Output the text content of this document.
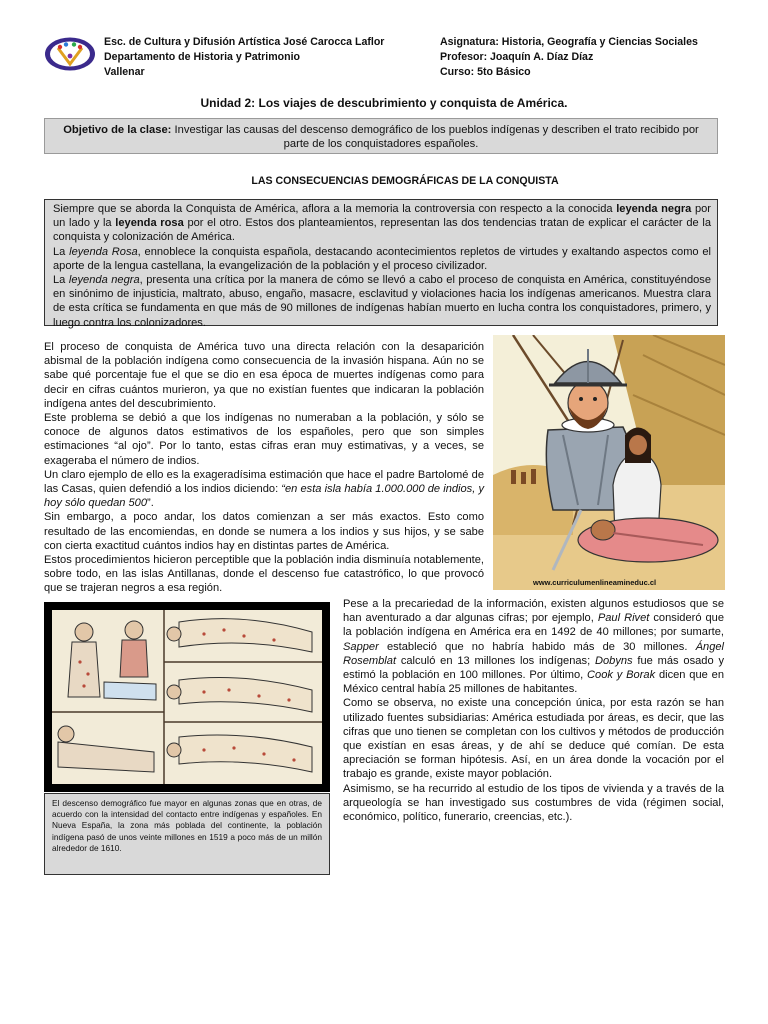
Esc. de Cultura y Difusión Artística José Carocca Laflor
Departamento de Historia y Patrimonio
Vallenar
Asignatura: Historia, Geografía y Ciencias Sociales
Profesor: Joaquín A. Díaz Díaz
Curso: 5to Básico
Unidad 2: Los viajes de descubrimiento y conquista de América.
Objetivo de la clase: Investigar las causas del descenso demográfico de los pueblos indígenas y describen el trato recibido por parte de los conquistadores españoles.
LAS CONSECUENCIAS DEMOGRÁFICAS DE LA CONQUISTA

Siempre que se aborda la Conquista de América, aflora a la memoria la controversia con respecto a la conocida leyenda negra por un lado y la leyenda rosa por el otro. Estos dos planteamientos, representan las dos tendencias tratan de explicar el carácter de la conquista y colonización de América.

La leyenda Rosa, ennoblece la conquista española, destacando acontecimientos repletos de virtudes y exaltando aspectos como el aporte de la lengua castellana, la evangelización de la población y el proceso civilizador.

La leyenda negra, presenta una crítica por la manera de cómo se llevó a cabo el proceso de conquista en América, constituyéndose en sinónimo de injusticia, maltrato, abuso, engaño, masacre, esclavitud y violaciones hacia los indígenas americanos. Muestra clara de esta crítica se fundamenta en que más de 90 millones de indígenas habían muerto en lucha contra los conquistadores, primero, y luego contra los colonizadores.

El proceso de conquista de América tuvo una directa relación con la desaparición abismal de la población indígena como consecuencia de la invasión hispana. Aún no se sabe qué porcentaje fue el que se dio en esa época de muertes indígenas como para decir en cifras cuántos murieron, ya que no existían fuentes que indicaran la población indígena antes del descubrimiento.

Este problema se debió a que los indígenas no numeraban a la población, y sólo se conoce de algunos datos estimativos de los españoles, pero que son simples estimaciones “al ojo”. Por lo tanto, estas cifras eran muy estimativas, y a veces, se exageraba el número de indios.

Un claro ejemplo de ello es la exageradísima estimación que hace el padre Bartolomé de las Casas, quien defendió a los indios diciendo: “en esta isla había 1.000.000 de indios, y hoy sólo quedan 500”.

Sin embargo, a poco andar, los datos comienzan a ser más exactos. Esto como resultado de las encomiendas, en donde se numera a los indios y sus hijos, y se sabe con cierta exactitud cuántos indios hay en distintas partes de América.

Estos procedimientos hicieron perceptible que la población india disminuía notablemente, sobre todo, en las islas Antillanas, donde el descenso fue catastrófico, lo que provocó que se trajeran negros a esa región.	www.curriculumenlineamineduc.cl

El descenso demográfico fue mayor en algunas zonas que en otras, de acuerdo con la intensidad del contacto entre indígenas y españoles. En Nueva España, la zona más poblada del continente, la población indígena pasó de unos veinte millones en 1519 a poco más de un millón alrededor de 1610.

Pese a la precariedad de la información, existen algunos estudiosos que se han aventurado a dar algunas cifras; por ejemplo, Paul Rivet consideró que la población indígena en América era en 1492 de 40 millones; por sumarte, Sapper estableció que no habría habido más de 30 millones. Ángel Rosemblat calculó en 13 millones los indígenas; Dobyns fue más osado y estimó la población en 100 millones. Por último, Cook y Borak dicen que en México central había 25 millones de habitantes.

Como se observa, no existe una concepción única, por esta razón se han utilizado fuentes subsidiarias: América estudiada por áreas, es decir, que las cifras que uno tienen se completan con los cultivos y métodos de producción que existían en esas áreas, y de ahí se deduce qué comían. De esta apreciación se forman hipótesis. Así, en un área donde la vocación por el trabajo es grande, existe mayor población.

Asimismo, se ha recurrido al estudio de los tipos de vivienda y a través de la arqueología se han investigado sus costumbres de vida (régimen social, económico, político, funerario, creencias, etc.).
